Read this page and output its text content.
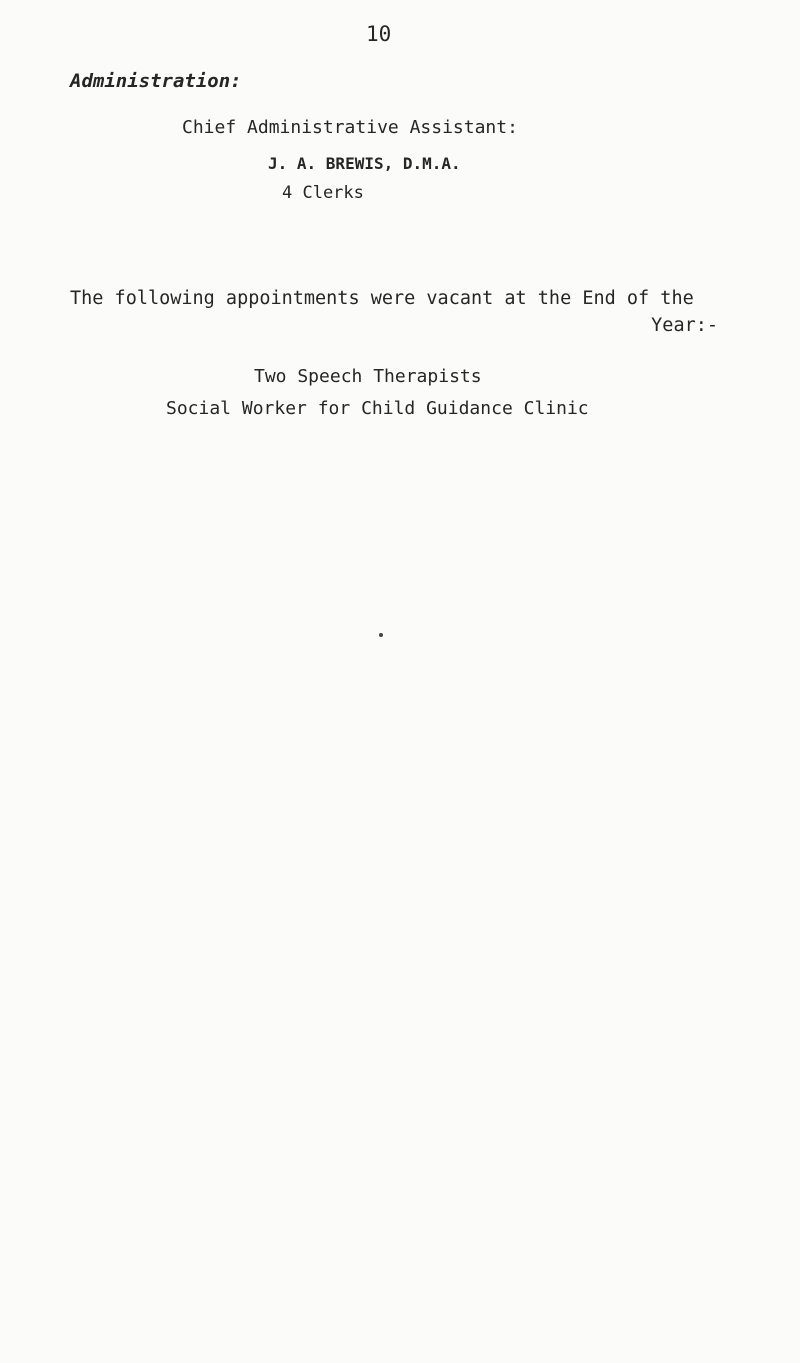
10
Administration:
Chief Administrative Assistant:
J. A. BREWIS, D.M.A.
4 Clerks
The following appointments were vacant at the End of the
Year:-
Two Speech Therapists
Social Worker for Child Guidance Clinic
